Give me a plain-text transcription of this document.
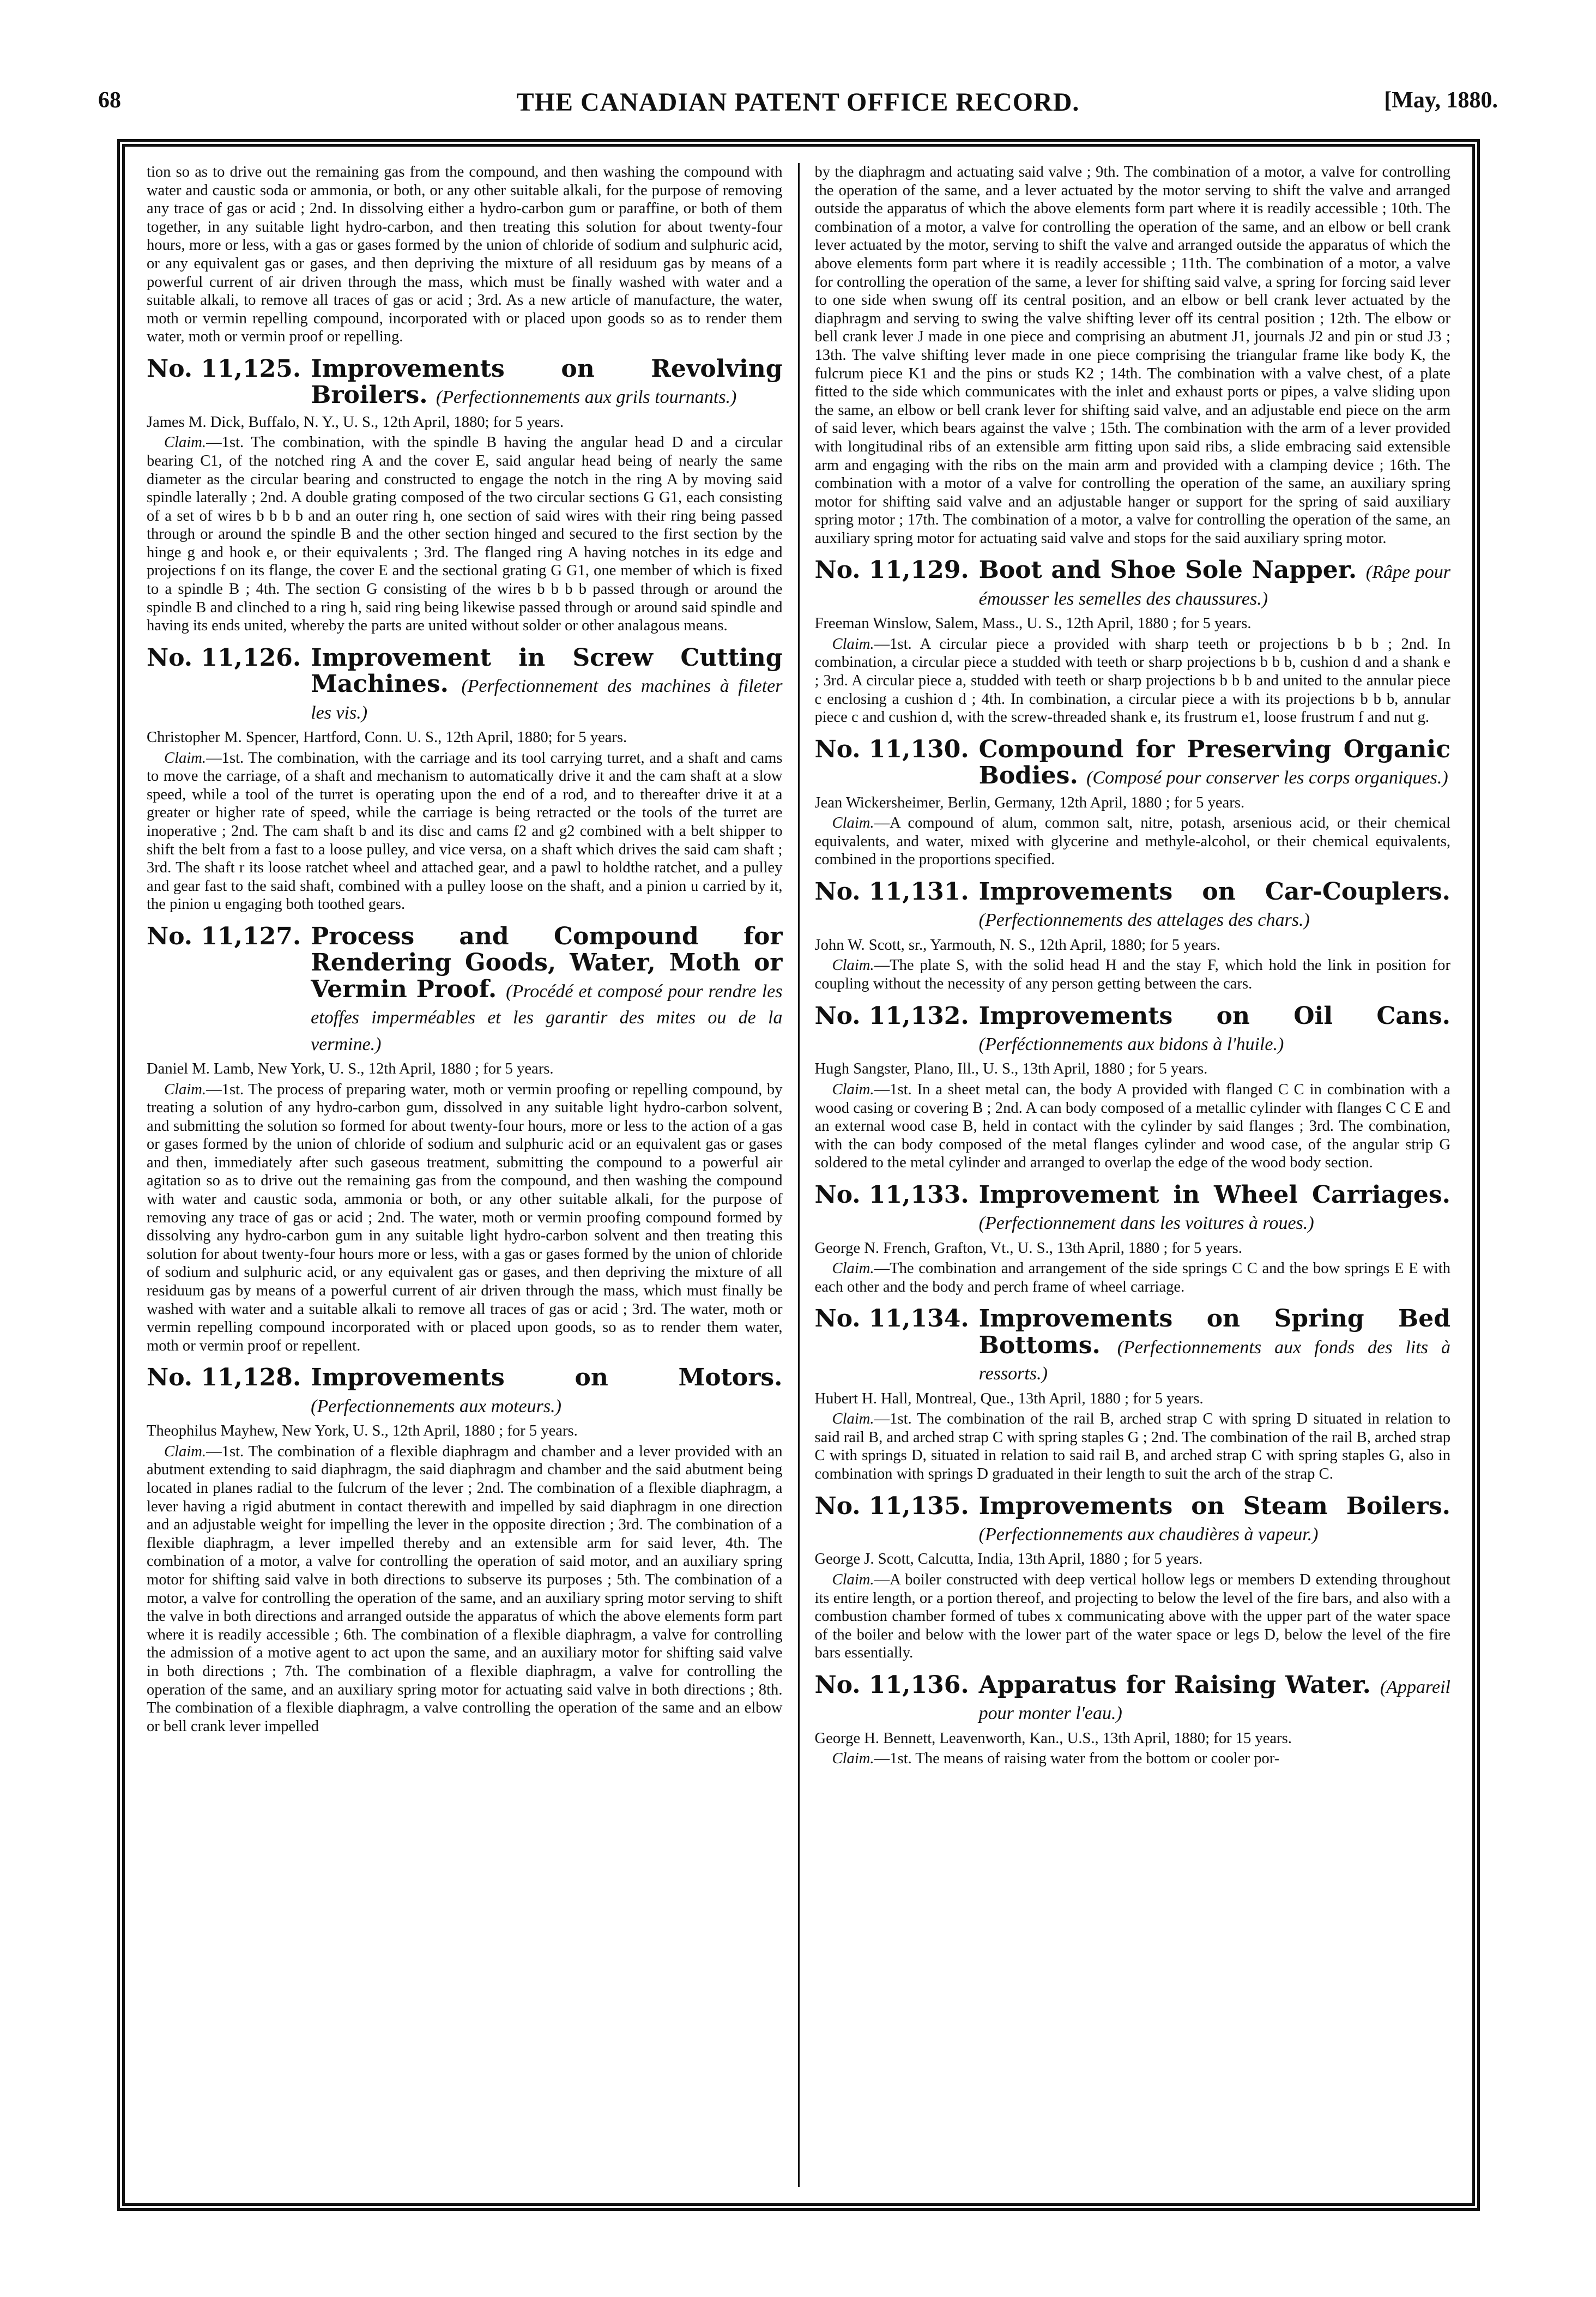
68	THE CANADIAN PATENT OFFICE RECORD.	[May, 1880.

tion so as to drive out the remaining gas from the compound, and then washing the compound with water and caustic soda or ammonia, or both, or any other suitable alkali, for the purpose of removing any trace of gas or acid ; 2nd. In dissolving either a hydro-carbon gum or paraffine, or both of them together, in any suitable light hydro-carbon, and then treating this solution for about twenty-four hours, more or less, with a gas or gases formed by the union of chloride of sodium and sulphuric acid, or any equivalent gas or gases, and then depriving the mixture of all residuum gas by means of a powerful current of air driven through the mass, which must be finally washed with water and a suitable alkali, to remove all traces of gas or acid ; 3rd. As a new article of manufacture, the water, moth or vermin repelling compound, incorporated with or placed upon goods so as to render them water, moth or vermin proof or repelling.

No. 11,125. Improvements on Revolving Broilers. (Perfectionnements aux grils tournants.)

James M. Dick, Buffalo, N. Y., U. S., 12th April, 1880; for 5 years.

Claim.—1st. The combination, with the spindle B having the angular head D and a circular bearing C1, of the notched ring A and the cover E, said angular head being of nearly the same diameter as the circular bearing and constructed to engage the notch in the ring A by moving said spindle laterally ; 2nd. A double grating composed of the two circular sections G G1, each consisting of a set of wires b b b b and an outer ring h, one section of said wires with their ring being passed through or around the spindle B and the other section hinged and secured to the first section by the hinge g and hook e, or their equivalents ; 3rd. The flanged ring A having notches in its edge and projections f on its flange, the cover E and the sectional grating G G1, one member of which is fixed to a spindle B ; 4th. The section G consisting of the wires b b b b passed through or around the spindle B and clinched to a ring h, said ring being likewise passed through or around said spindle and having its ends united, whereby the parts are united without solder or other analagous means.

No. 11,126. Improvement in Screw Cutting Machines. (Perfectionnement des machines à fileter les vis.)

Christopher M. Spencer, Hartford, Conn. U. S., 12th April, 1880; for 5 years.

Claim.—1st. The combination, with the carriage and its tool carrying turret, and a shaft and cams to move the carriage, of a shaft and mechanism to automatically drive it and the cam shaft at a slow speed, while a tool of the turret is operating upon the end of a rod, and to thereafter drive it at a greater or higher rate of speed, while the carriage is being retracted or the tools of the turret are inoperative ; 2nd. The cam shaft b and its disc and cams f2 and g2 combined with a belt shipper to shift the belt from a fast to a loose pulley, and vice versa, on a shaft which drives the said cam shaft ; 3rd. The shaft r its loose ratchet wheel and attached gear, and a pawl to holdthe ratchet, and a pulley and gear fast to the said shaft, combined with a pulley loose on the shaft, and a pinion u carried by it, the pinion u engaging both toothed gears.

No. 11,127. Process and Compound for Rendering Goods, Water, Moth or Vermin Proof. (Procédé et composé pour rendre les etoffes imperméables et les garantir des mites ou de la vermine.)

Daniel M. Lamb, New York, U. S., 12th April, 1880 ; for 5 years.

Claim.—1st. The process of preparing water, moth or vermin proofing or repelling compound, by treating a solution of any hydro-carbon gum, dissolved in any suitable light hydro-carbon solvent, and submitting the solution so formed for about twenty-four hours, more or less to the action of a gas or gases formed by the union of chloride of sodium and sulphuric acid or an equivalent gas or gases and then, immediately after such gaseous treatment, submitting the compound to a powerful air agitation so as to drive out the remaining gas from the compound, and then washing the compound with water and caustic soda, ammonia or both, or any other suitable alkali, for the purpose of removing any trace of gas or acid ; 2nd. The water, moth or vermin proofing compound formed by dissolving any hydro-carbon gum in any suitable light hydro-carbon solvent and then treating this solution for about twenty-four hours more or less, with a gas or gases formed by the union of chloride of sodium and sulphuric acid, or any equivalent gas or gases, and then depriving the mixture of all residuum gas by means of a powerful current of air driven through the mass, which must finally be washed with water and a suitable alkali to remove all traces of gas or acid ; 3rd. The water, moth or vermin repelling compound incorporated with or placed upon goods, so as to render them water, moth or vermin proof or repellent.

No. 11,128. Improvements on Motors. (Perfectionnements aux moteurs.)

Theophilus Mayhew, New York, U. S., 12th April, 1880 ; for 5 years.

Claim.—1st. The combination of a flexible diaphragm and chamber and a lever provided with an abutment extending to said diaphragm, the said diaphragm and chamber and the said abutment being located in planes radial to the fulcrum of the lever ; 2nd. The combination of a flexible diaphragm, a lever having a rigid abutment in contact therewith and impelled by said diaphragm in one direction and an adjustable weight for impelling the lever in the opposite direction ; 3rd. The combination of a flexible diaphragm, a lever impelled thereby and an extensible arm for said lever, 4th. The combination of a motor, a valve for controlling the operation of said motor, and an auxiliary spring motor for shifting said valve in both directions to subserve its purposes ; 5th. The combination of a motor, a valve for controlling the operation of the same, and an auxiliary spring motor serving to shift the valve in both directions and arranged outside the apparatus of which the above elements form part where it is readily accessible ; 6th. The combination of a flexible diaphragm, a valve for controlling the admission of a motive agent to act upon the same, and an auxiliary motor for shifting said valve in both directions ; 7th. The combination of a flexible diaphragm, a valve for controlling the operation of the same, and an auxiliary spring motor for actuating said valve in both directions ; 8th. The combination of a flexible diaphragm, a valve controlling the operation of the same and an elbow or bell crank lever impelled

by the diaphragm and actuating said valve ; 9th. The combination of a motor, a valve for controlling the operation of the same, and a lever actuated by the motor serving to shift the valve and arranged outside the apparatus of which the above elements form part where it is readily accessible ; 10th. The combination of a motor, a valve for controlling the operation of the same, and an elbow or bell crank lever actuated by the motor, serving to shift the valve and arranged outside the apparatus of which the above elements form part where it is readily accessible ; 11th. The combination of a motor, a valve for controlling the operation of the same, a lever for shifting said valve, a spring for forcing said lever to one side when swung off its central position, and an elbow or bell crank lever actuated by the diaphragm and serving to swing the valve shifting lever off its central position ; 12th. The elbow or bell crank lever J made in one piece and comprising an abutment J1, journals J2 and pin or stud J3 ; 13th. The valve shifting lever made in one piece comprising the triangular frame like body K, the fulcrum piece K1 and the pins or studs K2 ; 14th. The combination with a valve chest, of a plate fitted to the side which communicates with the inlet and exhaust ports or pipes, a valve sliding upon the same, an elbow or bell crank lever for shifting said valve, and an adjustable end piece on the arm of said lever, which bears against the valve ; 15th. The combination with the arm of a lever provided with longitudinal ribs of an extensible arm fitting upon said ribs, a slide embracing said extensible arm and engaging with the ribs on the main arm and provided with a clamping device ; 16th. The combination with a motor of a valve for controlling the operation of the same, an auxiliary spring motor for shifting said valve and an adjustable hanger or support for the spring of said auxiliary spring motor ; 17th. The combination of a motor, a valve for controlling the operation of the same, an auxiliary spring motor for actuating said valve and stops for the said auxiliary spring motor.

No. 11,129. Boot and Shoe Sole Napper. (Râpe pour émousser les semelles des chaussures.)

Freeman Winslow, Salem, Mass., U. S., 12th April, 1880 ; for 5 years.

Claim.—1st. A circular piece a provided with sharp teeth or projections b b b ; 2nd. In combination, a circular piece a studded with teeth or sharp projections b b b, cushion d and a shank e ; 3rd. A circular piece a, studded with teeth or sharp projections b b b and united to the annular piece c enclosing a cushion d ; 4th. In combination, a circular piece a with its projections b b b, annular piece c and cushion d, with the screw-threaded shank e, its frustrum e1, loose frustrum f and nut g.

No. 11,130. Compound for Preserving Organic Bodies. (Composé pour conserver les corps organiques.)

Jean Wickersheimer, Berlin, Germany, 12th April, 1880 ; for 5 years.

Claim.—A compound of alum, common salt, nitre, potash, arsenious acid, or their chemical equivalents, and water, mixed with glycerine and methyle-alcohol, or their chemical equivalents, combined in the proportions specified.

No. 11,131. Improvements on Car-Couplers. (Perfectionnements des attelages des chars.)

John W. Scott, sr., Yarmouth, N. S., 12th April, 1880; for 5 years.

Claim.—The plate S, with the solid head H and the stay F, which hold the link in position for coupling without the necessity of any person getting between the cars.

No. 11,132. Improvements on Oil Cans. (Perféctionnements aux bidons à l'huile.)

Hugh Sangster, Plano, Ill., U. S., 13th April, 1880 ; for 5 years.

Claim.—1st. In a sheet metal can, the body A provided with flanged C C in combination with a wood casing or covering B ; 2nd. A can body composed of a metallic cylinder with flanges C C E and an external wood case B, held in contact with the cylinder by said flanges ; 3rd. The combination, with the can body composed of the metal flanges cylinder and wood case, of the angular strip G soldered to the metal cylinder and arranged to overlap the edge of the wood body section.

No. 11,133. Improvement in Wheel Carriages. (Perfectionnement dans les voitures à roues.)

George N. French, Grafton, Vt., U. S., 13th April, 1880 ; for 5 years.

Claim.—The combination and arrangement of the side springs C C and the bow springs E E with each other and the body and perch frame of wheel carriage.

No. 11,134. Improvements on Spring Bed Bottoms. (Perfectionnements aux fonds des lits à ressorts.)

Hubert H. Hall, Montreal, Que., 13th April, 1880 ; for 5 years.

Claim.—1st. The combination of the rail B, arched strap C with spring D situated in relation to said rail B, and arched strap C with spring staples G ; 2nd. The combination of the rail B, arched strap C with springs D, situated in relation to said rail B, and arched strap C with spring staples G, also in combination with springs D graduated in their length to suit the arch of the strap C.

No. 11,135. Improvements on Steam Boilers. (Perfectionnements aux chaudières à vapeur.)

George J. Scott, Calcutta, India, 13th April, 1880 ; for 5 years.

Claim.—A boiler constructed with deep vertical hollow legs or members D extending throughout its entire length, or a portion thereof, and projecting to below the level of the fire bars, and also with a combustion chamber formed of tubes x communicating above with the upper part of the water space of the boiler and below with the lower part of the water space or legs D, below the level of the fire bars essentially.

No. 11,136. Apparatus for Raising Water. (Appareil pour monter l'eau.)

George H. Bennett, Leavenworth, Kan., U.S., 13th April, 1880; for 15 years.

Claim.—1st. The means of raising water from the bottom or cooler por-
